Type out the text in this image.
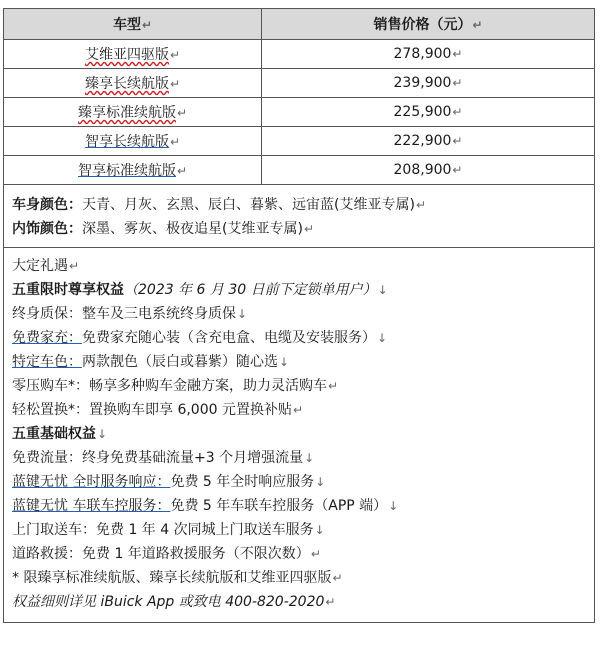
车型↵	销售价格（元）↵
艾维亚四驱版↵	278,900↵
臻享长续航版↵	239,900↵
臻享标准续航版↵	225,900↵
智享长续航版↵	222,900↵
智享标准续航版↵	208,900↵
车身颜色：天青、月灰、玄黑、辰白、暮紫、远宙蓝(艾维亚专属)↵
内饰颜色：深墨、雾灰、极夜追星(艾维亚专属)↵
大定礼遇↵
五重限时尊享权益（2023 年 6 月 30 日前下定锁单用户）↓
终身质保：整车及三电系统终身质保↓
免费家充：免费家充随心装（含充电盒、电缆及安装服务）↓
特定车色：两款靓色（辰白或暮紫）随心选↓
零压购车*：畅享多种购车金融方案，助力灵活购车↵
轻松置换*：置换购车即享 6,000 元置换补贴↵
五重基础权益↓
免费流量：终身免费基础流量+3 个月增强流量↓
蓝键无忧 全时服务响应：免费 5 年全时响应服务↓
蓝键无忧 车联车控服务：免费 5 年车联车控服务（APP 端）↓
上门取送车：免费 1 年 4 次同城上门取送车服务↓
道路救援：免费 1 年道路救援服务（不限次数）↵
* 限臻享标准续航版、臻享长续航版和艾维亚四驱版↵
权益细则详见 iBuick App 或致电 400-820-2020↵
